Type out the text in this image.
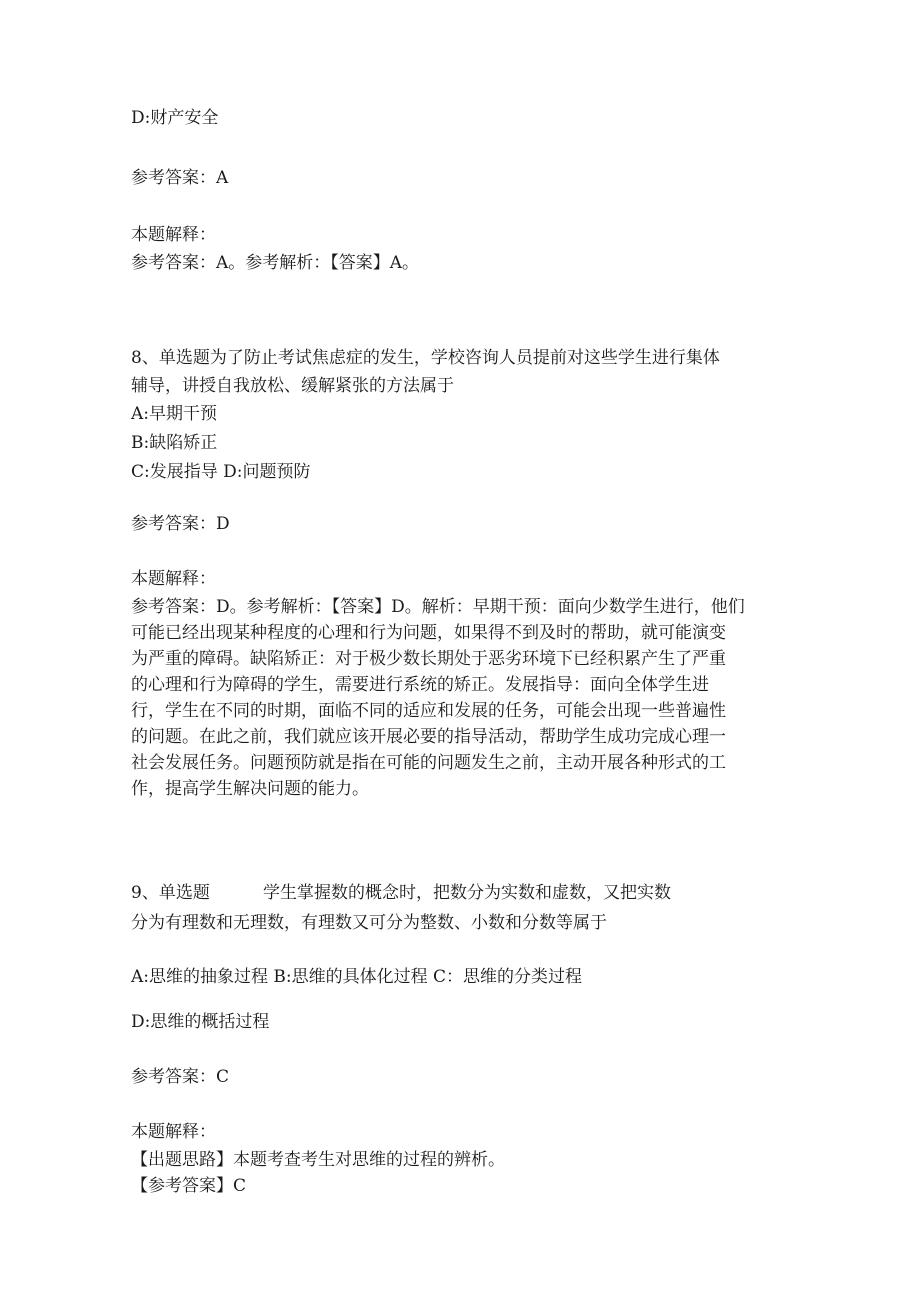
D:财产安全
参考答案：A
本题解释：
参考答案：A。参考解析：【答案】A。
8、单选题为了防止考试焦虑症的发生，学校咨询人员提前对这些学生进行集体
辅导，讲授自我放松、缓解紧张的方法属于
A:早期干预
B:缺陷矫正
C:发展指导 D:问题预防
参考答案：D
本题解释：
参考答案：D。参考解析：【答案】D。解析：早期干预：面向少数学生进行，他们
可能已经出现某种程度的心理和行为问题，如果得不到及时的帮助，就可能演变
为严重的障碍。缺陷矫正：对于极少数长期处于恶劣环境下已经积累产生了严重
的心理和行为障碍的学生，需要进行系统的矫正。发展指导：面向全体学生进
行，学生在不同的时期，面临不同的适应和发展的任务，可能会出现一些普遍性
的问题。在此之前，我们就应该开展必要的指导活动，帮助学生成功完成心理一
社会发展任务。问题预防就是指在可能的问题发生之前，主动开展各种形式的工
作，提高学生解决问题的能力。
9、单选题	学生掌握数的概念时，把数分为实数和虚数，又把实数
分为有理数和无理数，有理数又可分为整数、小数和分数等属于
A:思维的抽象过程 B:思维的具体化过程 C：思维的分类过程
D:思维的概括过程
参考答案：C
本题解释：
【出题思路】本题考查考生对思维的过程的辨析。
【参考答案】C
